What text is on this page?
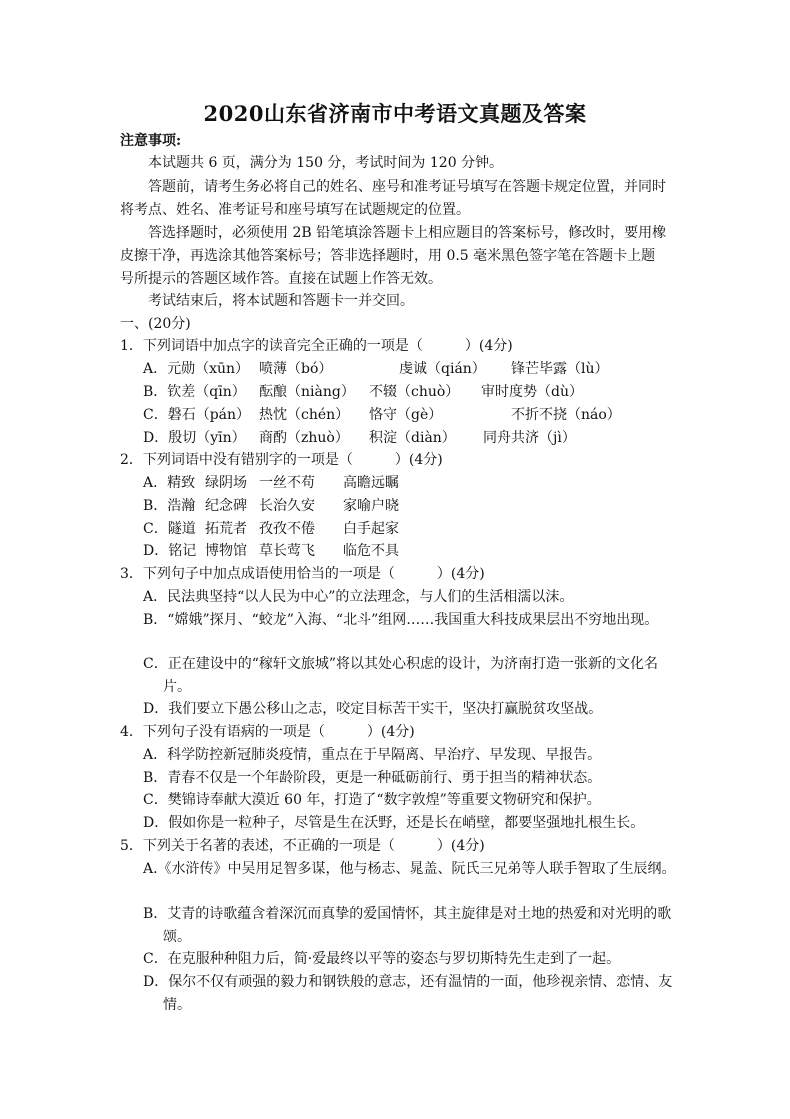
2020山东省济南市中考语文真题及答案
注意事项:
本试题共 6 页，满分为 150 分，考试时间为 120 分钟。
答题前，请考生务必将自己的姓名、座号和准考证号填写在答题卡规定位置，并同时
将考点、姓名、准考证号和座号填写在试题规定的位置。
答选择题时，必须使用 2B 铅笔填涂答题卡上相应题目的答案标号，修改时，要用橡
皮擦干净，再选涂其他答案标号；答非选择题时，用 0.5 毫米黑色签字笔在答题卡上题
号所提示的答题区域作答。直接在试题上作答无效。
考试结束后，将本试题和答题卡一并交回。
一、(20分)
1．下列词语中加点字的读音完全正确的一项是（　　　）(4分)
A．元勋（xūn） 喷薄（bó）	虔诚（qián） 锋芒毕露（lù）
B．钦差（qīn） 酝酿（niàng） 不辍（chuò） 审时度势（dù）
C．磐石（pán） 热忱（chén） 恪守（gè）	不折不挠（náo）
D．殷切（yīn） 商酌（zhuò） 积淀（diàn） 同舟共济（jì）
2．下列词语中没有错别字的一项是（　　　）(4分)
A．精致 绿阴场 一丝不苟 高瞻远瞩
B．浩瀚 纪念碑 长治久安 家喻户晓
C．隧道 拓荒者 孜孜不倦 白手起家
D．铭记 博物馆 草长莺飞 临危不具
3．下列句子中加点成语使用恰当的一项是（　　　）(4分)
A．民法典坚持“以人民为中心”的立法理念，与人们的生活相濡以沫。
B．“嫦娥”探月、“蛟龙”入海、“北斗”组网……我国重大科技成果层出不穷地出现。
C．正在建设中的“稼轩文旅城”将以其处心积虑的设计，为济南打造一张新的文化名
片。
D．我们要立下愚公移山之志，咬定目标苦干实干，坚决打赢脱贫攻坚战。
4．下列句子没有语病的一项是（　　　）(4分)
A．科学防控新冠肺炎疫情，重点在于早隔离、早治疗、早发现、早报告。
B．青春不仅是一个年龄阶段，更是一种砥砺前行、勇于担当的精神状态。
C．樊锦诗奉献大漠近 60 年，打造了“数字敦煌”等重要文物研究和保护。
D．假如你是一粒种子，尽管是生在沃野，还是长在峭壁，都要坚强地扎根生长。
5．下列关于名著的表述，不正确的一项是（　　　）(4分)
A.《水浒传》中吴用足智多谋，他与杨志、晁盖、阮氏三兄弟等人联手智取了生辰纲。
B．艾青的诗歌蕴含着深沉而真挚的爱国情怀，其主旋律是对土地的热爱和对光明的歌
颂。
C．在克服种种阻力后，简·爱最终以平等的姿态与罗切斯特先生走到了一起。
D．保尔不仅有顽强的毅力和钢铁般的意志，还有温情的一面，他珍视亲情、恋情、友
情。
